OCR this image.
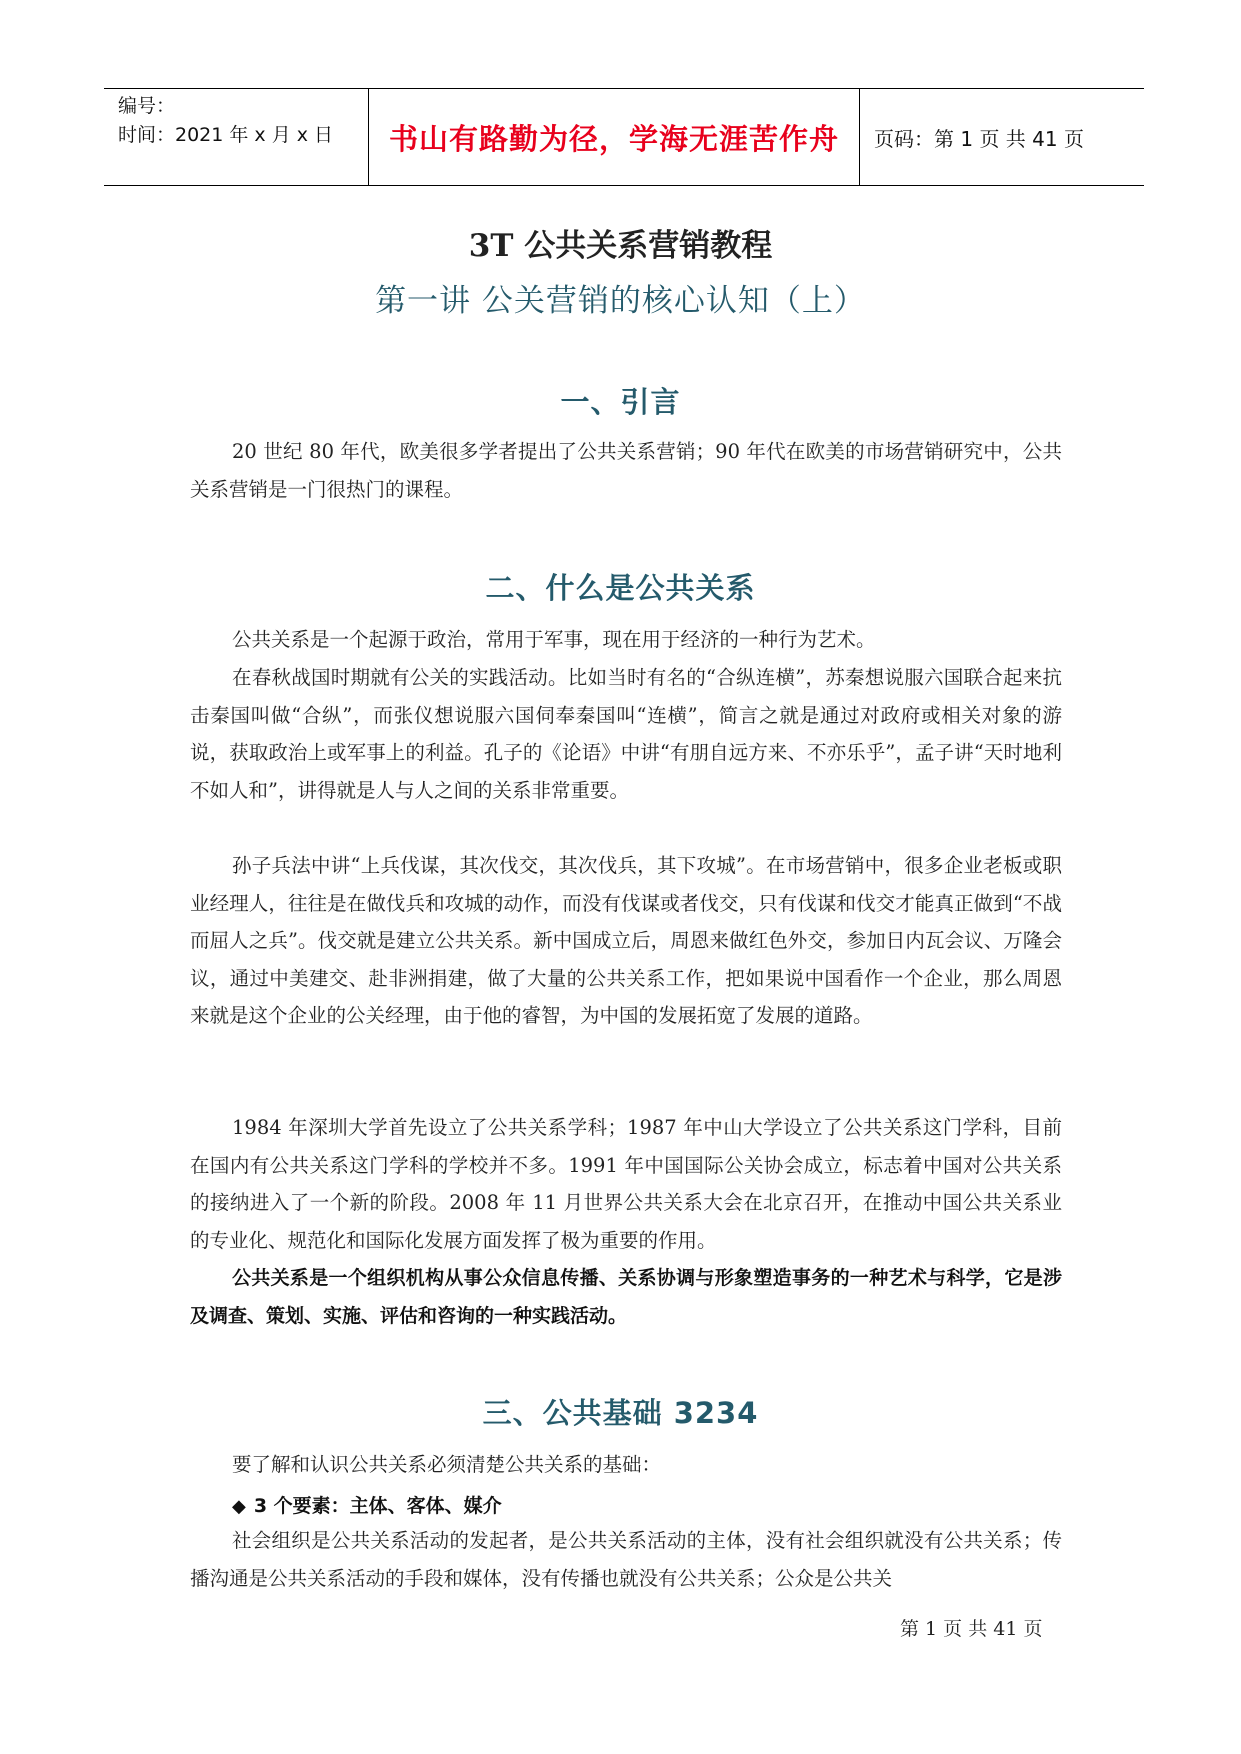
编号：
时间：2021 年 x 月 x 日	书山有路勤为径，学海无涯苦作舟	页码：第 1 页 共 41 页
3T 公共关系营销教程
第一讲 公关营销的核心认知（上）
一、引言
20 世纪 80 年代，欧美很多学者提出了公共关系营销；90 年代在欧美的市场营销研究中，公共关系营销是一门很热门的课程。
二、什么是公共关系
公共关系是一个起源于政治，常用于军事，现在用于经济的一种行为艺术。
在春秋战国时期就有公关的实践活动。比如当时有名的“合纵连横”，苏秦想说服六国联合起来抗击秦国叫做“合纵”，而张仪想说服六国伺奉秦国叫“连横”，简言之就是通过对政府或相关对象的游说，获取政治上或军事上的利益。孔子的《论语》中讲“有朋自远方来、不亦乐乎”，孟子讲“天时地利不如人和”，讲得就是人与人之间的关系非常重要。
孙子兵法中讲“上兵伐谋，其次伐交，其次伐兵，其下攻城”。在市场营销中，很多企业老板或职业经理人，往往是在做伐兵和攻城的动作，而没有伐谋或者伐交，只有伐谋和伐交才能真正做到“不战而屈人之兵”。伐交就是建立公共关系。新中国成立后，周恩来做红色外交，参加日内瓦会议、万隆会议，通过中美建交、赴非洲捐建，做了大量的公共关系工作，把如果说中国看作一个企业，那么周恩来就是这个企业的公关经理，由于他的睿智，为中国的发展拓宽了发展的道路。
1984 年深圳大学首先设立了公共关系学科；1987 年中山大学设立了公共关系这门学科，目前在国内有公共关系这门学科的学校并不多。1991 年中国国际公关协会成立，标志着中国对公共关系的接纳进入了一个新的阶段。2008 年 11 月世界公共关系大会在北京召开，在推动中国公共关系业的专业化、规范化和国际化发展方面发挥了极为重要的作用。
公共关系是一个组织机构从事公众信息传播、关系协调与形象塑造事务的一种艺术与科学，它是涉及调查、策划、实施、评估和咨询的一种实践活动。
三、公共基础 3234
要了解和认识公共关系必须清楚公共关系的基础：
◆ 3 个要素：主体、客体、媒介
社会组织是公共关系活动的发起者，是公共关系活动的主体，没有社会组织就没有公共关系；传播沟通是公共关系活动的手段和媒体，没有传播也就没有公共关系；公众是公共关
第 1 页 共 41 页
